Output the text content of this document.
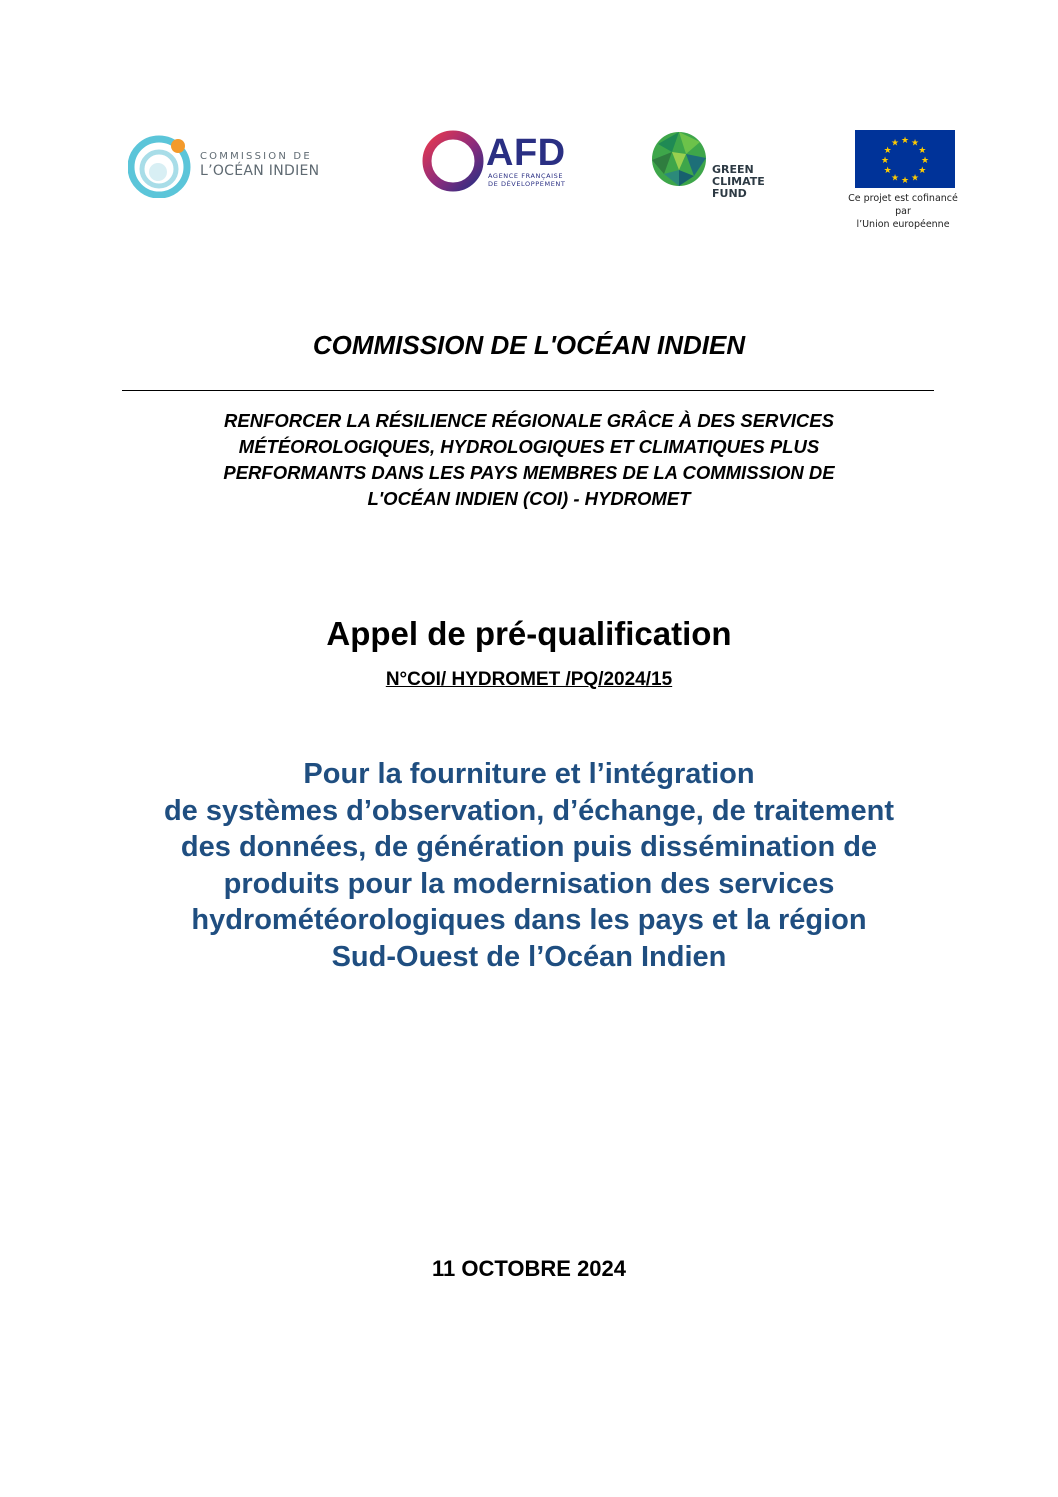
COMMISSION DE
L’OCÉAN INDIEN	AFD
AGENCE FRANÇAISE
DE DÉVELOPPEMENT
GREEN
CLIMATE
FUND
★ ★
★
★
★
★
★
★
★
★
★
★
Ce projet est cofinancé par
l’Union européenne
COMMISSION DE L'OCÉAN INDIEN
RENFORCER LA RÉSILIENCE RÉGIONALE GRÂCE À DES SERVICES
MÉTÉOROLOGIQUES, HYDROLOGIQUES ET CLIMATIQUES PLUS
PERFORMANTS DANS LES PAYS MEMBRES DE LA COMMISSION DE
L'OCÉAN INDIEN (COI) - HYDROMET
Appel de pré-qualification
N°COI/ HYDROMET /PQ/2024/15
Pour la fourniture et l’intégration
de systèmes d’observation, d’échange, de traitement
des données, de génération puis dissémination de
produits pour la modernisation des services
hydrométéorologiques dans les pays et la région
Sud-Ouest de l’Océan Indien
11 OCTOBRE 2024
